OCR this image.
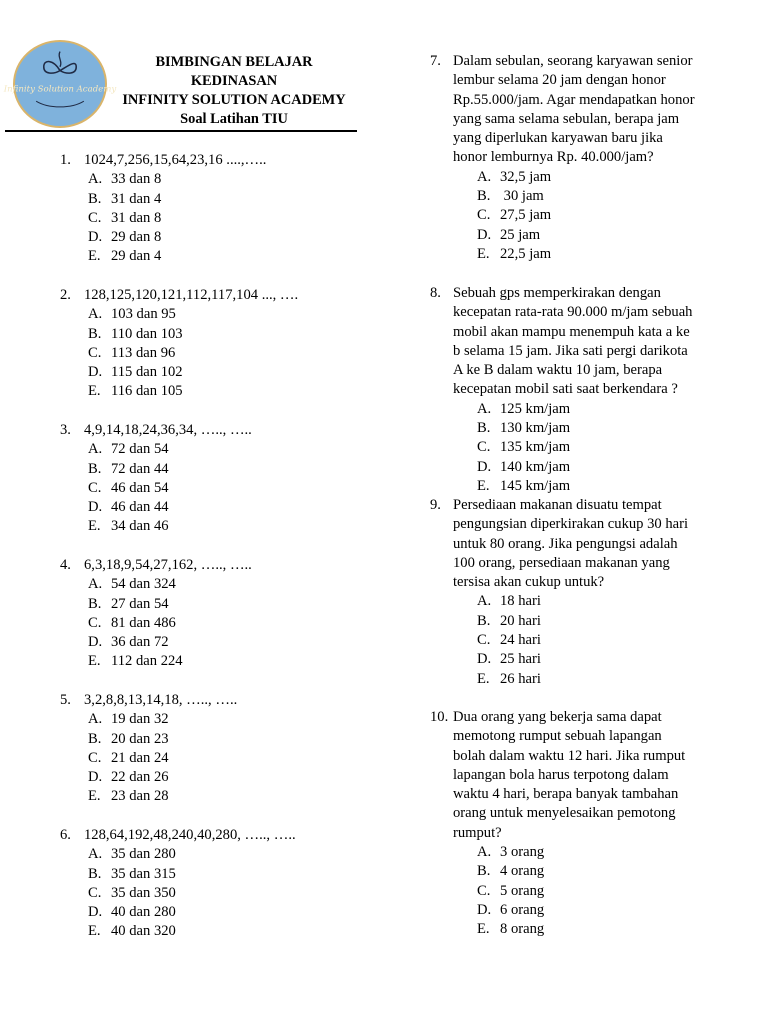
Infinity Solution Academy
BIMBINGAN BELAJAR
KEDINASAN
INFINITY SOLUTION ACADEMY
Soal Latihan TIU
1. 1024,7,256,15,64,23,16 ....,…..
A. 33 dan 8
B. 31 dan 4
C. 31 dan 8
D. 29 dan 8
E. 29 dan 4
2. 128,125,120,121,112,117,104 ..., ….
A. 103 dan 95
B. 110 dan 103
C. 113 dan 96
D. 115 dan 102
E. 116 dan 105
3. 4,9,14,18,24,36,34, ….., …..
A. 72 dan 54
B. 72 dan 44
C. 46 dan 54
D. 46 dan 44
E. 34 dan 46
4. 6,3,18,9,54,27,162, ….., …..
A. 54 dan 324
B. 27 dan 54
C. 81 dan 486
D. 36 dan 72
E. 112 dan 224
5. 3,2,8,8,13,14,18, ….., …..
A. 19 dan 32
B. 20 dan 23
C. 21 dan 24
D. 22 dan 26
E. 23 dan 28
6. 128,64,192,48,240,40,280, ….., …..
A. 35 dan 280
B. 35 dan 315
C. 35 dan 350
D. 40 dan 280
E. 40 dan 320
7. Dalam sebulan, seorang karyawan senior
lembur selama 20 jam dengan honor
Rp.55.000/jam. Agar mendapatkan honor
yang sama selama sebulan, berapa jam
yang diperlukan karyawan baru jika
honor lemburnya Rp. 40.000/jam?
A. 32,5 jam
B. 30 jam
C. 27,5 jam
D. 25 jam
E. 22,5 jam
8. Sebuah gps memperkirakan dengan
kecepatan rata-rata 90.000 m/jam sebuah
mobil akan mampu menempuh kata a ke
b selama 15 jam. Jika sati pergi darikota
A ke B dalam waktu 10 jam, berapa
kecepatan mobil sati saat berkendara ?
A. 125 km/jam
B. 130 km/jam
C. 135 km/jam
D. 140 km/jam
E. 145 km/jam
9. Persediaan makanan disuatu tempat
pengungsian diperkirakan cukup 30 hari
untuk 80 orang. Jika pengungsi adalah
100 orang, persediaan makanan yang
tersisa akan cukup untuk?
A. 18 hari
B. 20 hari
C. 24 hari
D. 25 hari
E. 26 hari
10. Dua orang yang bekerja sama dapat
memotong rumput sebuah lapangan
bolah dalam waktu 12 hari. Jika rumput
lapangan bola harus terpotong dalam
waktu 4 hari, berapa banyak tambahan
orang untuk menyelesaikan pemotong
rumput?
A. 3 orang
B. 4 orang
C. 5 orang
D. 6 orang
E. 8 orang
